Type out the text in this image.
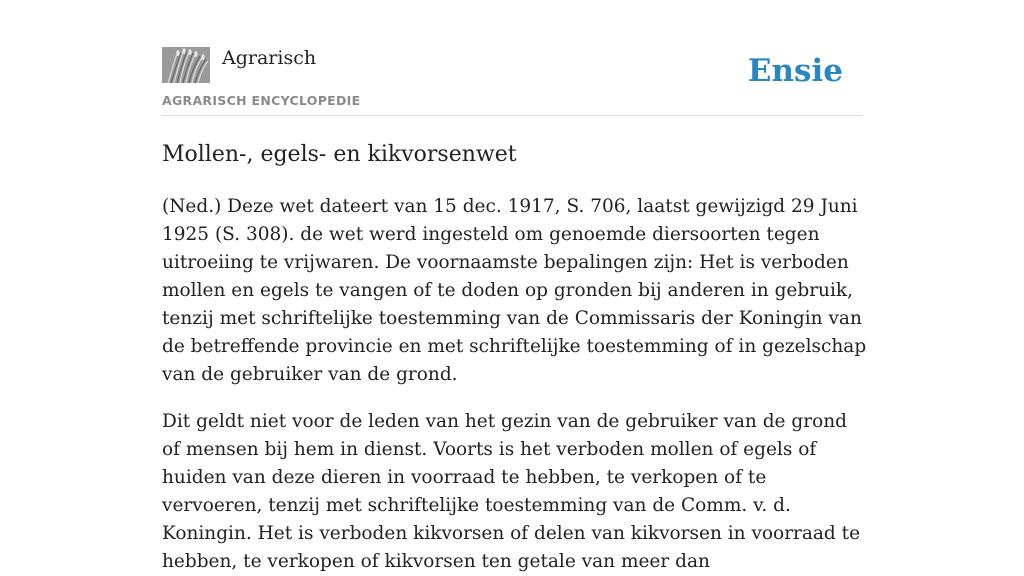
Agrarisch
AGRARISCH ENCYCLOPEDIE
Ensie
Mollen-, egels- en kikvorsenwet

(Ned.) Deze wet dateert van 15 dec. 1917, S. 706, laatst gewijzigd 29 Juni 1925 (S. 308). de wet werd ingesteld om genoemde diersoorten tegen uitroeiing te vrijwaren. De voornaamste bepalingen zijn: Het is verboden mollen en egels te vangen of te doden op gronden bij anderen in gebruik, tenzij met schriftelijke toestemming van de Commissaris der Koningin van de betreffende provincie en met schriftelijke toestemming of in gezelschap van de gebruiker van de grond.

Dit geldt niet voor de leden van het gezin van de gebruiker van de grond of mensen bij hem in dienst. Voorts is het verboden mollen of egels of huiden van deze dieren in voorraad te hebben, te verkopen of te vervoeren, tenzij met schriftelijke toestemming van de Comm. v. d. Koningin. Het is verboden kikvorsen of delen van kikvorsen in voorraad te hebben, te verkopen of kikvorsen ten getale van meer dan
